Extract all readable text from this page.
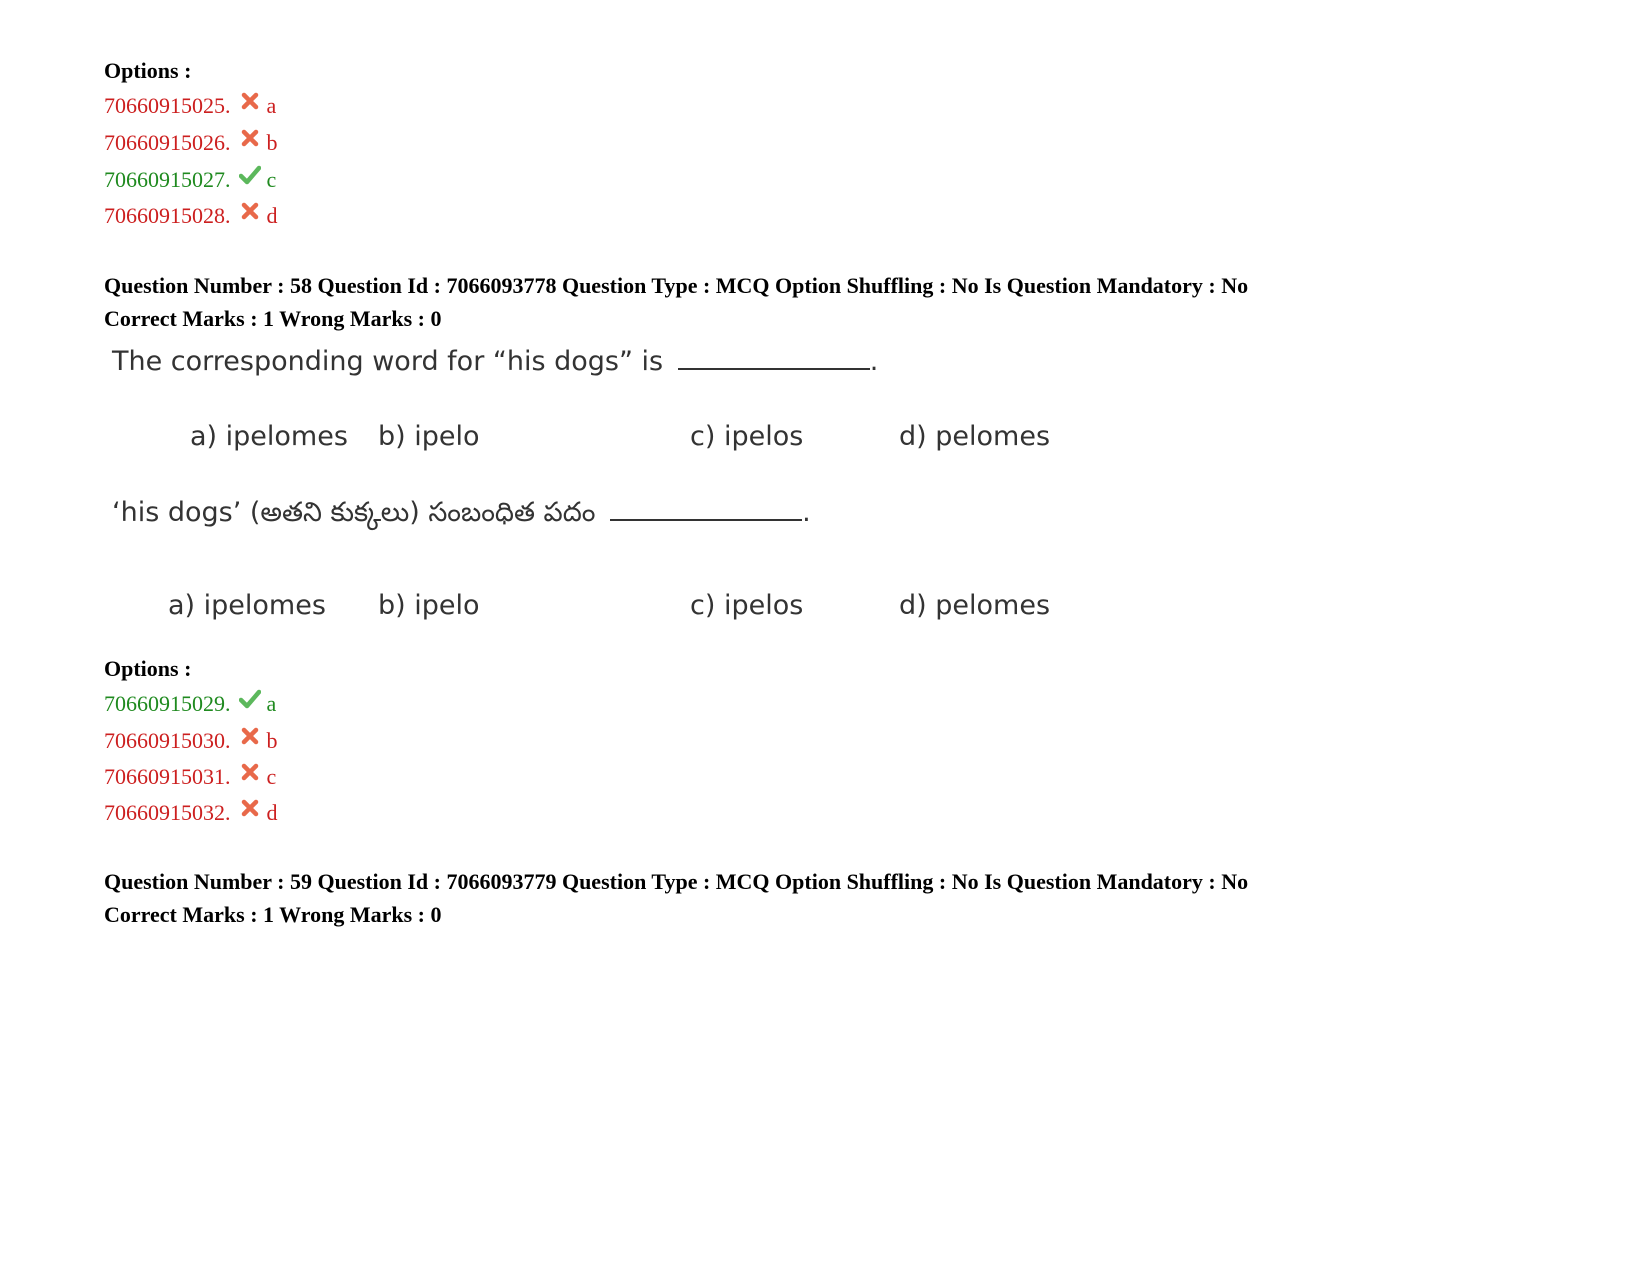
Options :
70660915025. a
70660915026. b
70660915027. c
70660915028. d
Question Number : 58 Question Id : 7066093778 Question Type : MCQ Option Shuffling : No Is Question Mandatory : No
Correct Marks : 1 Wrong Marks : 0
The corresponding word for “his dogs” is	.
a) ipelomes b) ipelo	c) ipelos	d) pelomes
‘his dogs’ (అతని కుక్కలు) సంబంధిత పదం	.
a) ipelomes b) ipelo	c) ipelos	d) pelomes
Options :
70660915029. a
70660915030. b
70660915031. c
70660915032. d
Question Number : 59 Question Id : 7066093779 Question Type : MCQ Option Shuffling : No Is Question Mandatory : No
Correct Marks : 1 Wrong Marks : 0
